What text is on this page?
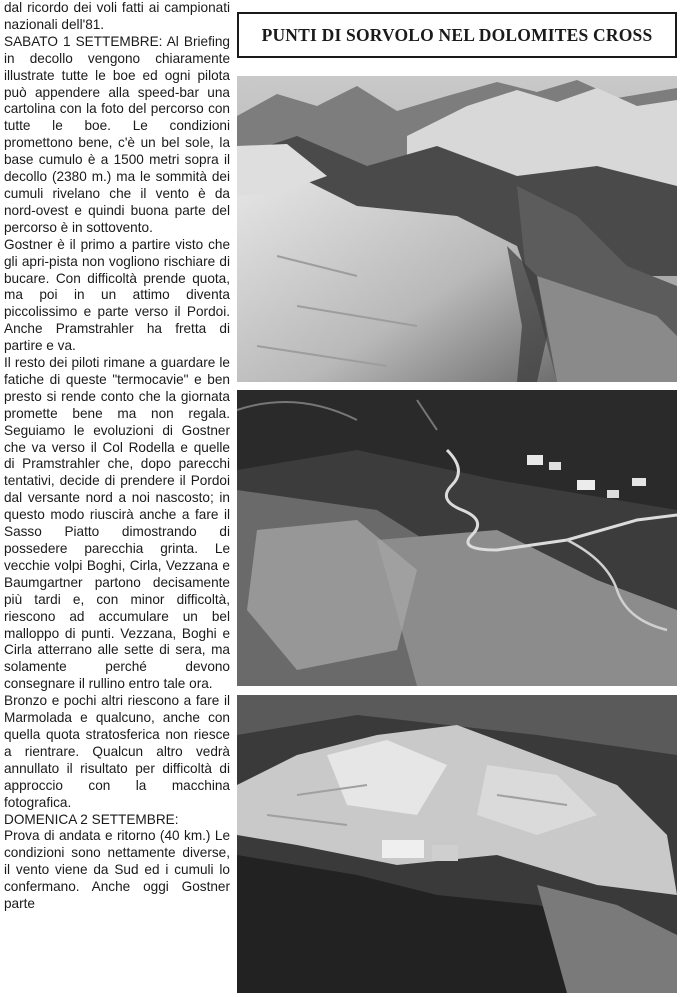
dal ricordo dei voli fatti ai campionati nazionali dell'81.

SABATO 1 SETTEMBRE: Al Briefing in decollo vengono chiaramente illustrate tutte le boe ed ogni pilota può appendere alla speed-bar una cartolina con la foto del percorso con tutte le boe. Le condizioni promettono bene, c'è un bel sole, la base cumulo è a 1500 metri sopra il decollo (2380 m.) ma le sommità dei cumuli rivelano che il vento è da nord-ovest e quindi buona parte del percorso è in sottovento.

Gostner è il primo a partire visto che gli apri-pista non vogliono rischiare di bucare. Con difficoltà prende quota, ma poi in un attimo diventa piccolissimo e parte verso il Pordoi. Anche Pramstrahler ha fretta di partire e va.

Il resto dei piloti rimane a guardare le fatiche di queste "termocavie" e ben presto si rende conto che la giornata promette bene ma non regala. Seguiamo le evoluzioni di Gostner che va verso il Col Rodella e quelle di Pramstrahler che, dopo parecchi tentativi, decide di prendere il Pordoi dal versante nord a noi nascosto; in questo modo riuscirà anche a fare il Sasso Piatto dimostrando di possedere parecchia grinta. Le vecchie volpi Boghi, Cirla, Vezzana e Baumgartner partono decisamente più tardi e, con minor difficoltà, riescono ad accumulare un bel malloppo di punti. Vezzana, Boghi e Cirla atterrano alle sette di sera, ma solamente perché devono consegnare il rullino entro tale ora.

Bronzo e pochi altri riescono a fare il Marmolada e qualcuno, anche con quella quota stratosferica non riesce a rientrare. Qualcun altro vedrà annullato il risultato per difficoltà di approccio con la macchina fotografica.

DOMENICA 2 SETTEMBRE:

Prova di andata e ritorno (40 km.) Le condizioni sono nettamente diverse, il vento viene da Sud ed i cumuli lo confermano. Anche oggi Gostner parte

PUNTI DI SORVOLO NEL DOLOMITES CROSS
